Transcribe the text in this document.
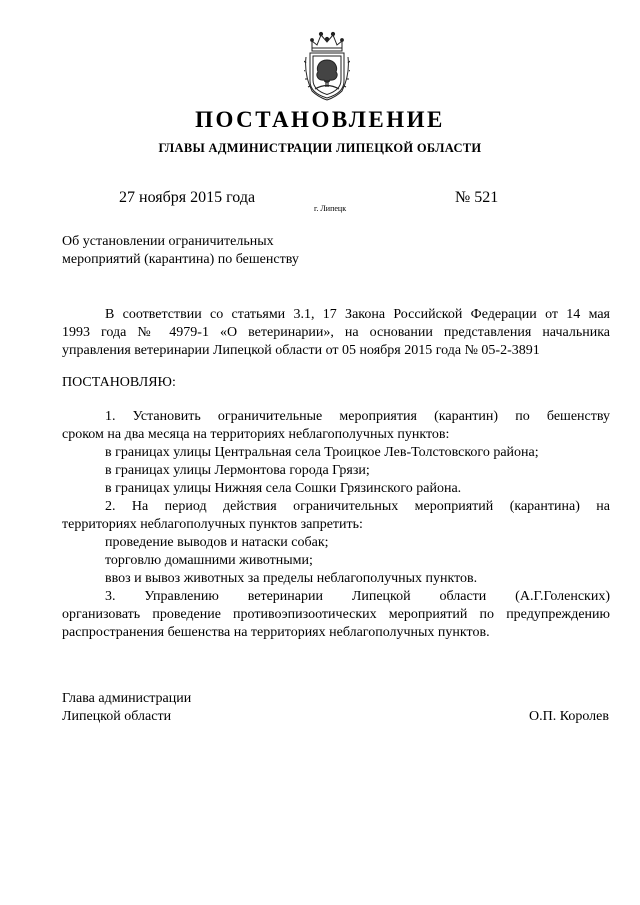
ПОСТАНОВЛЕНИЕ
ГЛАВЫ АДМИНИСТРАЦИИ ЛИПЕЦКОЙ ОБЛАСТИ
27 ноября 2015 года
г. Липецк
№ 521
Об установлении ограничительных
мероприятий (карантина) по бешенству
В соответствии со статьями 3.1, 17 Закона Российской Федерации от 14 мая
1993 года № 4979-1 «О ветеринарии», на основании представления начальника
управления ветеринарии Липецкой области от 05 ноября 2015 года № 05-2-3891
ПОСТАНОВЛЯЮ:
1. Установить ограничительные мероприятия (карантин) по бешенству
сроком на два месяца на территориях неблагополучных пунктов:
в границах улицы Центральная села Троицкое Лев-Толстовского района;
в границах улицы Лермонтова города Грязи;
в границах улицы Нижняя села Сошки Грязинского района.
2. На период действия ограничительных мероприятий (карантина) на
территориях неблагополучных пунктов запретить:
проведение выводов и натаски собак;
торговлю домашними животными;
ввоз и вывоз животных за пределы неблагополучных пунктов.
3. Управлению ветеринарии Липецкой области (А.Г.Голенских)
организовать проведение противоэпизоотических мероприятий по предупреждению
распространения бешенства на территориях неблагополучных пунктов.
Глава администрации
Липецкой области	О.П. Королев
